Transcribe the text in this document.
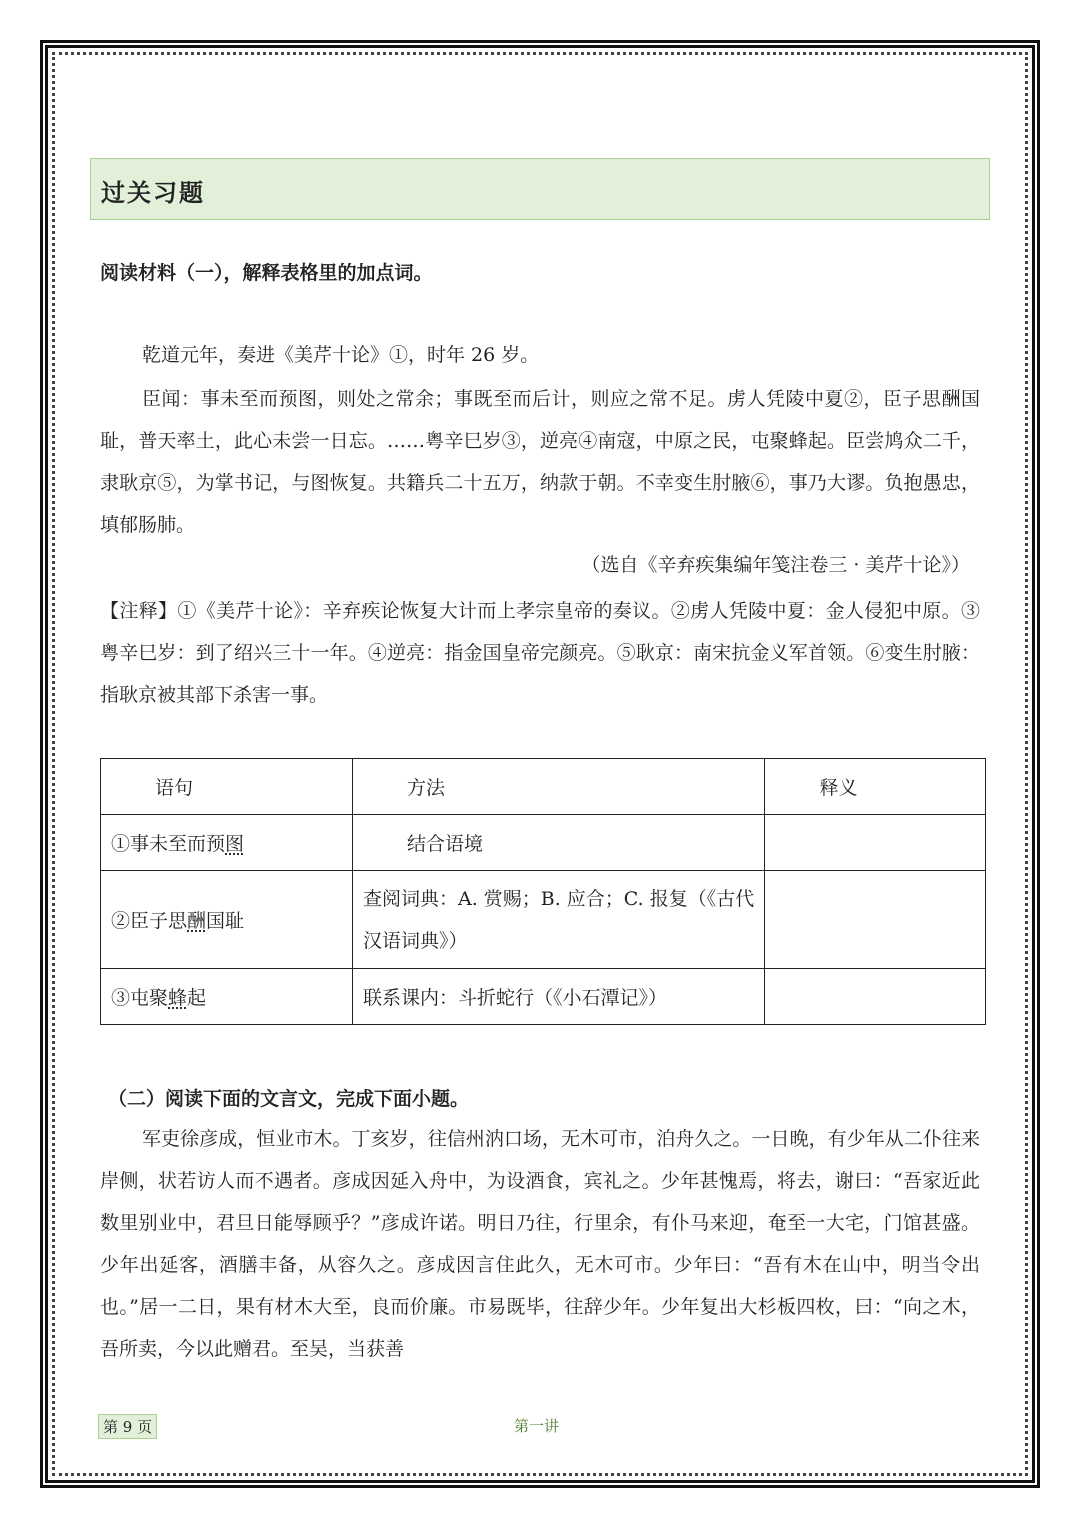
过关习题
阅读材料（一），解释表格里的加点词。

乾道元年，奏进《美芹十论》①，时年 26 岁。

臣闻：事未至而预图，则处之常余；事既至而后计，则应之常不足。虏人凭陵中夏②，臣子思酬国耻，普天率土，此心未尝一日忘。……粤辛巳岁③，逆亮④南寇，中原之民，屯聚蜂起。臣尝鸠众二千，隶耿京⑤，为掌书记，与图恢复。共籍兵二十五万，纳款于朝。不幸变生肘腋⑥，事乃大谬。负抱愚忠，填郁肠肺。

（选自《辛弃疾集编年笺注卷三 · 美芹十论》）

【注释】①《美芹十论》：辛弃疾论恢复大计而上孝宗皇帝的奏议。②虏人凭陵中夏：金人侵犯中原。③粤辛巳岁：到了绍兴三十一年。④逆亮：指金国皇帝完颜亮。⑤耿京：南宋抗金义军首领。⑥变生肘腋：指耿京被其部下杀害一事。

语句	方法	释义
①事未至而预图	结合语境	
②臣子思酬国耻	查阅词典：A. 赏赐；B. 应合；C. 报复（《古代汉语词典》）	
③屯聚蜂起	联系课内：斗折蛇行（《小石潭记》）	
（二）阅读下面的文言文，完成下面小题。

军吏徐彦成，恒业市木。丁亥岁，往信州汭口场，无木可市，泊舟久之。一日晚，有少年从二仆往来岸侧，状若访人而不遇者。彦成因延入舟中，为设酒食，宾礼之。少年甚愧焉，将去，谢曰：“吾家近此数里别业中，君旦日能辱顾乎？”彦成许诺。明日乃往，行里余，有仆马来迎，奄至一大宅，门馆甚盛。少年出延客，酒膳丰备，从容久之。彦成因言住此久，无木可市。少年曰：“吾有木在山中，明当令出也。”居一二日，果有材木大至，良而价廉。市易既毕，往辞少年。少年复出大杉板四枚，曰：“向之木，吾所卖，今以此赠君。至吴，当获善

第 9 页	第一讲
